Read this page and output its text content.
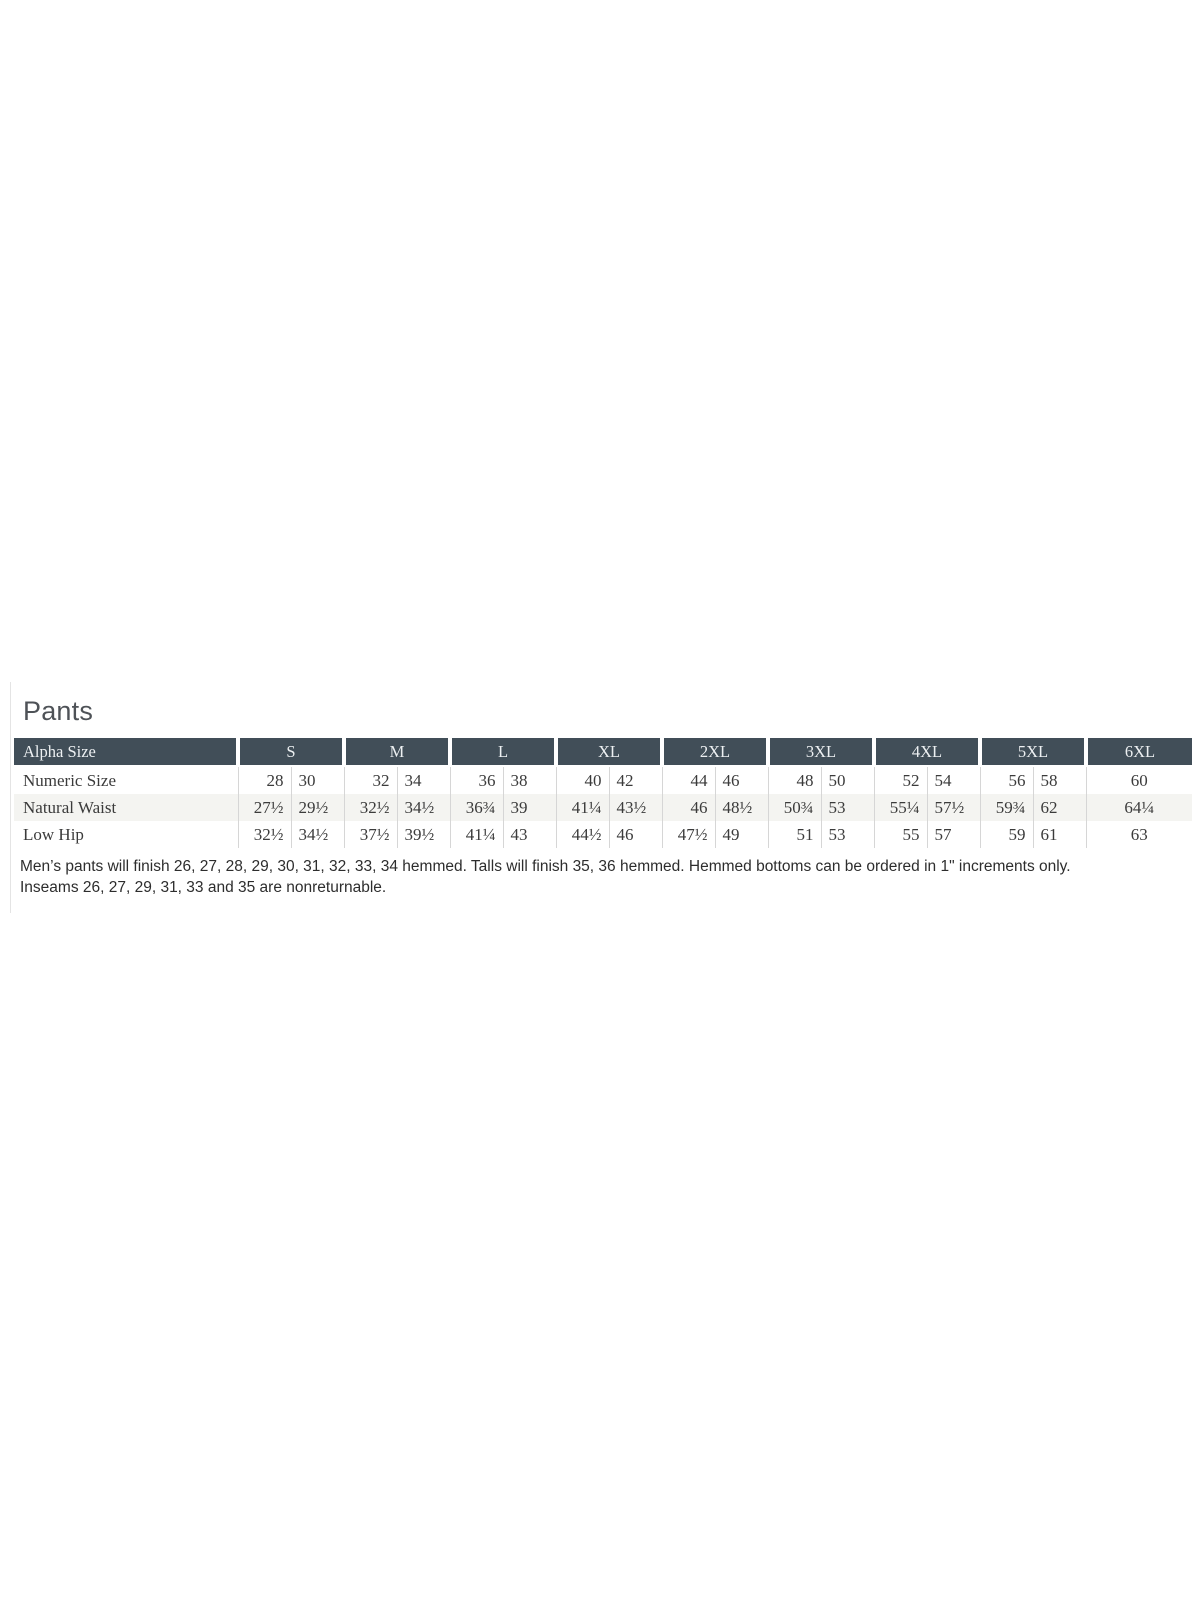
Pants
Alpha Size	S		M		L		XL		2XL		3XL		4XL		5XL		6XL
Numeric Size	28	30	32	34	36	38	40	42	44	46	48	50	52	54	56	58	60
Natural Waist	27½	29½	32½	34½	36¾	39	41¼	43½	46	48½	50¾	53	55¼	57½	59¾	62	64¼
Low Hip	32½	34½	37½	39½	41¼	43	44½	46	47½	49	51	53	55	57	59	61	63

Men’s pants will finish 26, 27, 28, 29, 30, 31, 32, 33, 34 hemmed. Talls will finish 35, 36 hemmed. Hemmed bottoms can be ordered in 1" increments only.
Inseams 26, 27, 29, 31, 33 and 35 are nonreturnable.
